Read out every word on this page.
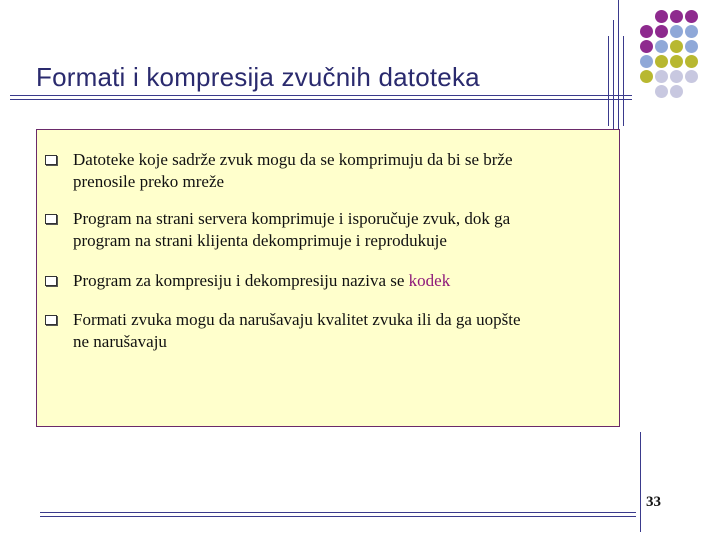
Formati i kompresija zvučnih datoteka
Datoteke koje sadrže zvuk mogu da se komprimuju da bi se brže
prenosile preko mreže
Program na strani servera komprimuje i isporučuje zvuk, dok ga
program na strani klijenta dekomprimuje i reprodukuje
Program za kompresiju i dekompresiju naziva se kodek
Formati zvuka mogu da narušavaju kvalitet zvuka ili da ga uopšte
ne narušavaju
33
